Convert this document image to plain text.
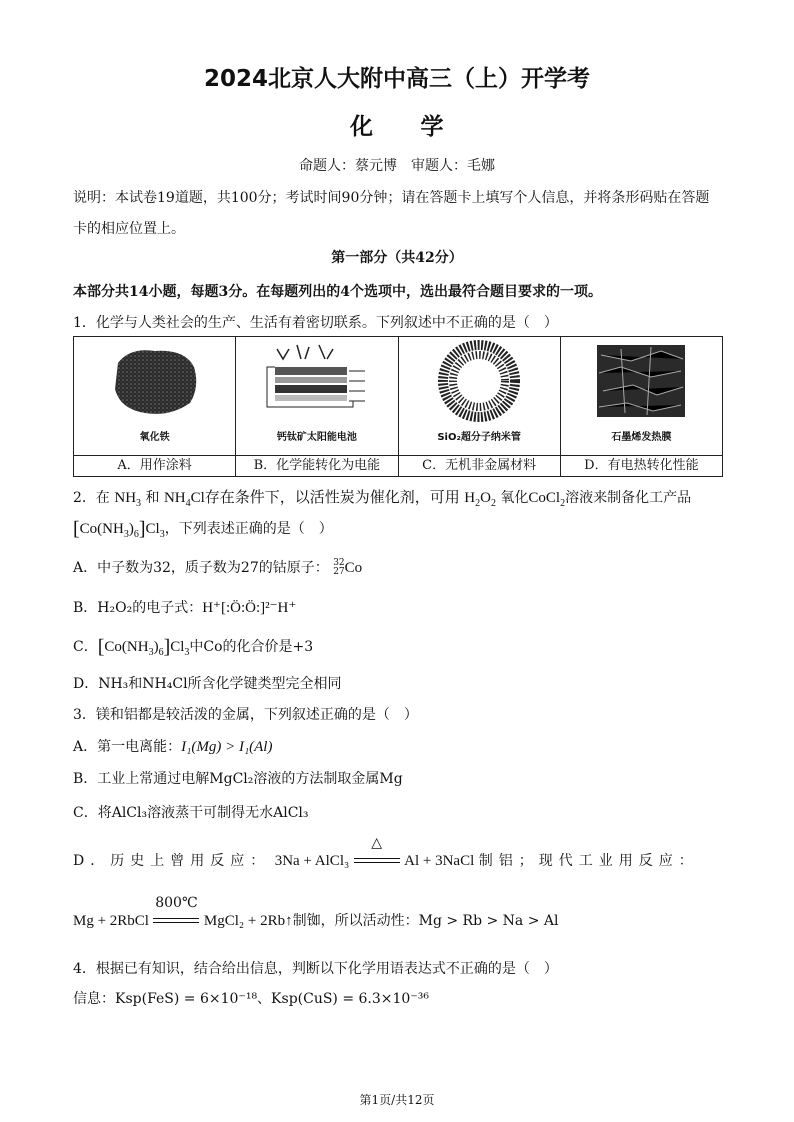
2024北京人大附中高三（上）开学考
化　　学
命题人：蔡元博　审题人：毛娜
说明：本试卷19道题，共100分；考试时间90分钟；请在答题卡上填写个人信息，并将条形码贴在答题卡的相应位置上。
第一部分（共42分）
本部分共14小题，每题3分。在每题列出的4个选项中，选出最符合题目要求的一项。
1．化学与人类社会的生产、生活有着密切联系。下列叙述中不正确的是（　）
氧化铁	钙钛矿太阳能电池	SiO₂超分子纳米管	石墨烯发热膜

A．用作涂料	B．化学能转化为电能	C．无机非金属材料	D．有电热转化性能
2．在 $NH_3$ 和 $NH_4Cl$存在条件下，以活性炭为催化剂，可用 $H_2O_2$ 氧化CoCl$_2$溶液来制备化工产品
$[Co(NH_3)_6]Cl_3$，下列表述正确的是（　）
A．中子数为32，质子数为27的钴原子： 32
27Co
B．H₂O₂的电子式：H⁺[:Ö:Ö:]²⁻H⁺
C．$[Co(NH_3)_6]Cl_3$中Co的化合价是+3
D．NH₃和NH₄Cl所含化学键类型完全相同
3．镁和铝都是较活泼的金属，下列叙述正确的是（　）
A．第一电离能：I₁(Mg) > I₁(Al)
B．工业上常通过电解MgCl₂溶液的方法制取金属Mg
C．将AlCl₃溶液蒸干可制得无水AlCl₃
D．历史上曾用反应： 3Na + AlCl₃
△
Al + 3NaCl 制铝；现代工业用反应：
Mg + 2RbCl
800℃
MgCl₂ + 2Rb↑制铷，所以活动性：Mg > Rb > Na > Al
4．根据已有知识，结合给出信息，判断以下化学用语表达式不正确的是（　）
信息：Ksp(FeS) = 6×10⁻¹⁸、Ksp(CuS) = 6.3×10⁻³⁶
第1页/共12页
